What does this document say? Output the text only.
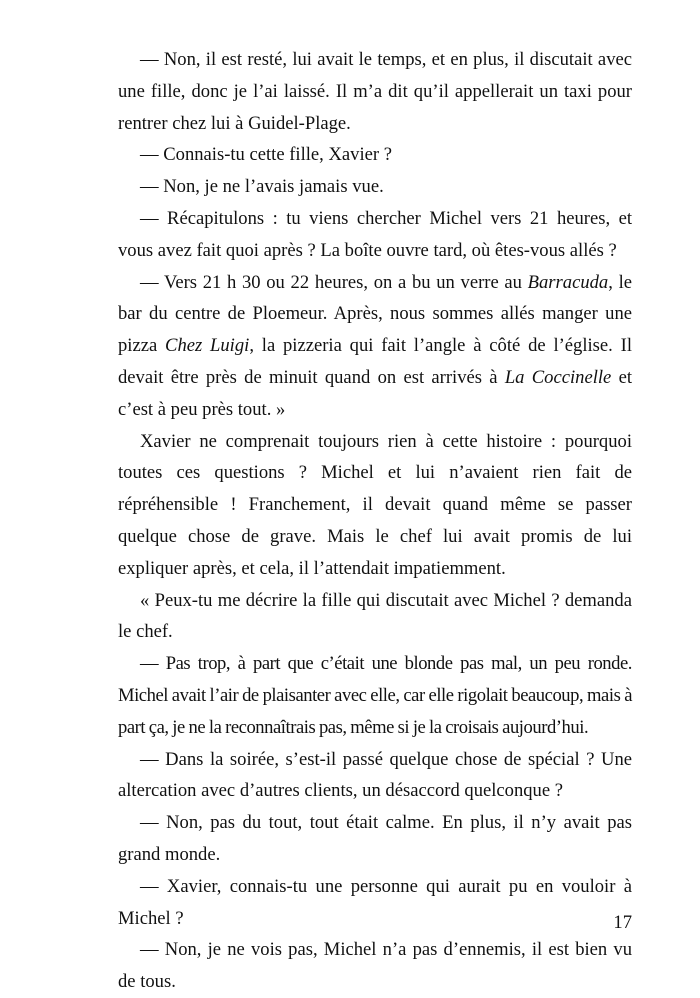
— Non, il est resté, lui avait le temps, et en plus, il discutait avec une fille, donc je l’ai laissé. Il m’a dit qu’il appellerait un taxi pour rentrer chez lui à Guidel-Plage.

— Connais-tu cette fille, Xavier ?

— Non, je ne l’avais jamais vue.

— Récapitulons : tu viens chercher Michel vers 21 heures, et vous avez fait quoi après ? La boîte ouvre tard, où êtes-vous allés ?

— Vers 21 h 30 ou 22 heures, on a bu un verre au Barracuda, le bar du centre de Ploemeur. Après, nous sommes allés manger une pizza Chez Luigi, la pizzeria qui fait l’angle à côté de l’église. Il devait être près de minuit quand on est arrivés à La Coccinelle et c’est à peu près tout. »

Xavier ne comprenait toujours rien à cette histoire : pourquoi toutes ces questions ? Michel et lui n’avaient rien fait de répréhensible ! Franchement, il devait quand même se passer quelque chose de grave. Mais le chef lui avait promis de lui expliquer après, et cela, il l’attendait impatiemment.

« Peux-tu me décrire la fille qui discutait avec Michel ? demanda le chef.

— Pas trop, à part que c’était une blonde pas mal, un peu ronde. Michel avait l’air de plaisanter avec elle, car elle rigolait beaucoup, mais à part ça, je ne la reconnaîtrais pas, même si je la croisais aujourd’hui.

— Dans la soirée, s’est-il passé quelque chose de spécial ? Une altercation avec d’autres clients, un désaccord quelconque ?

— Non, pas du tout, tout était calme. En plus, il n’y avait pas grand monde.

— Xavier, connais-tu une personne qui aurait pu en vouloir à Michel ?

— Non, je ne vois pas, Michel n’a pas d’ennemis, il est bien vu de tous.

17
